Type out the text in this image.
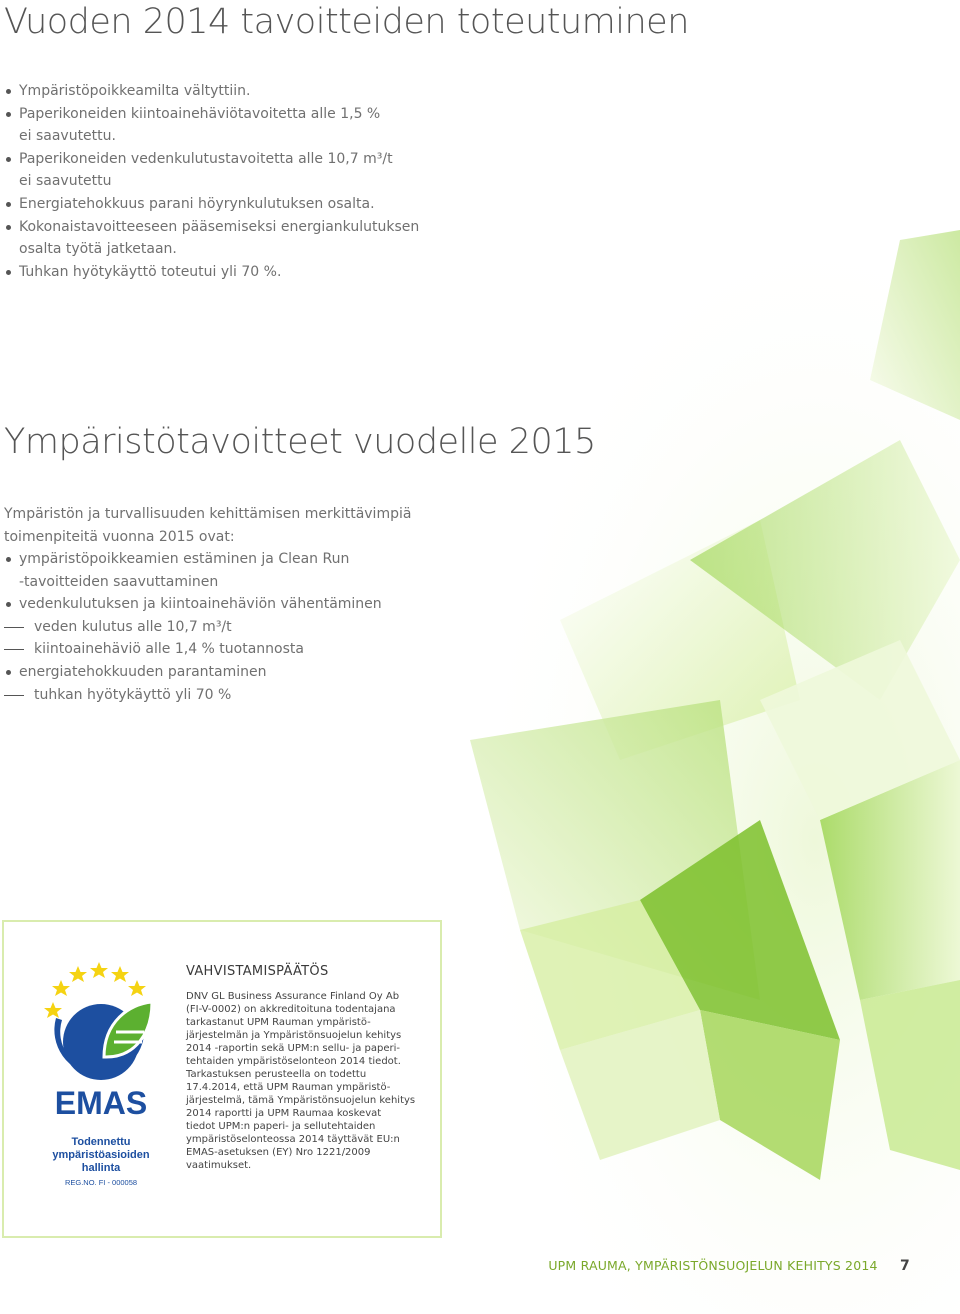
Vuoden 2014 tavoitteiden toteutuminen
Ympäristöpoikkeamilta vältyttiin.
Paperikoneiden kiintoainehäviötavoitetta alle 1,5 %
ei saavutettu.
Paperikoneiden vedenkulutustavoitetta alle 10,7 m³/t
ei saavutettu
Energiatehokkuus parani höyrynkulutuksen osalta.
Kokonaistavoitteeseen pääsemiseksi energiankulutuksen
osalta työtä jatketaan.
Tuhkan hyötykäyttö toteutui yli 70 %.
Ympäristötavoitteet vuodelle 2015

Ympäristön ja turvallisuuden kehittämisen merkittävimpiä toimenpiteitä vuonna 2015 ovat:

ympäristöpoikkeamien estäminen ja Clean Run
-tavoitteiden saavuttaminen
vedenkulutuksen ja kiintoainehäviön vähentäminen
veden kulutus alle 10,7 m³/t
kiintoainehäviö alle 1,4 % tuotannosta
energiatehokkuuden parantaminen
tuhkan hyötykäyttö yli 70 %
EMAS
Todennettu
ympäristöasioiden
hallinta
REG.NO. FI - 000058
VAHVISTAMISPÄÄTÖS

DNV GL Business Assurance Finland Oy Ab
(FI-V-0002) on akkreditoituna todentajana
tarkastanut UPM Rauman ympäristö-
järjestelmän ja Ympäristönsuojelun kehitys
2014 -raportin sekä UPM:n sellu- ja paperi-
tehtaiden ympäristöselonteon 2014 tiedot.
Tarkastuksen perusteella on todettu
17.4.2014, että UPM Rauman ympäristö-
järjestelmä, tämä Ympäristönsuojelun kehitys
2014 raportti ja UPM Raumaa koskevat
tiedot UPM:n paperi- ja sellutehtaiden
ympäristöselonteossa 2014 täyttävät EU:n
EMAS-asetuksen (EY) Nro 1221/2009
vaatimukset.

UPM RAUMA, YMPÄRISTÖNSUOJELUN KEHITYS 2014 7
